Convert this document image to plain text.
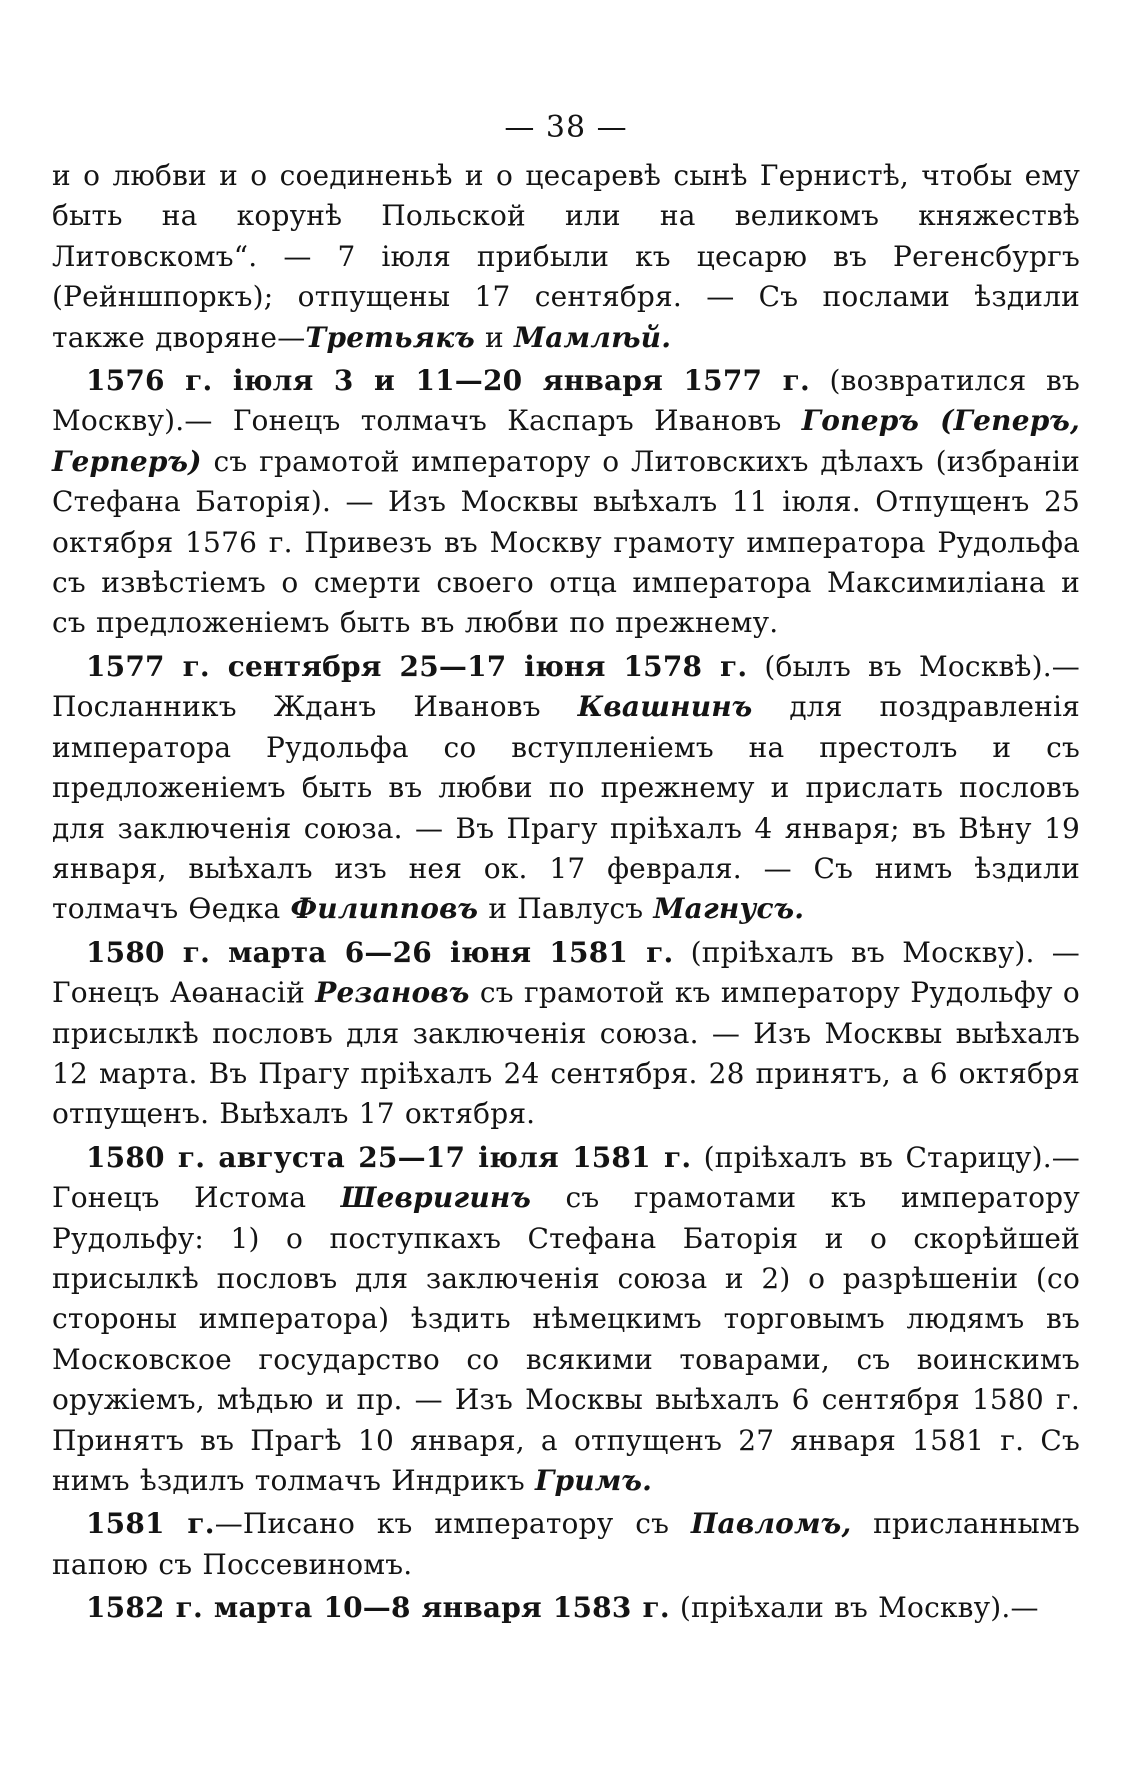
— 38 —

и о любви и о соединеньѣ и о цесаревѣ сынѣ Гернистѣ, чтобы ему быть на корунѣ Польской или на великомъ княжествѣ Литовскомъ“. — 7 іюля прибыли къ цесарю въ Регенсбургъ (Рейншпоркъ); отпущены 17 сентября. — Съ послами ѣздили также дворяне—Третьякъ и Мамлѣй.

1576 г. іюля 3 и 11—20 января 1577 г. (возвратился въ Москву).— Гонецъ толмачъ Каспаръ Ивановъ Гоперъ (Геперъ, Герперъ) съ грамотой императору о Литовскихъ дѣлахъ (избраніи Стефана Баторія). — Изъ Москвы выѣхалъ 11 іюля. Отпущенъ 25 октября 1576 г. Привезъ въ Москву грамоту императора Рудольфа съ извѣстіемъ о смерти своего отца императора Максимиліана и съ предложеніемъ быть въ любви по прежнему.

1577 г. сентября 25—17 іюня 1578 г. (былъ въ Москвѣ).—Посланникъ Жданъ Ивановъ Квашнинъ для поздравленія императора Рудольфа со вступленіемъ на престолъ и съ предложеніемъ быть въ любви по прежнему и прислать пословъ для заключенія союза. — Въ Прагу пріѣхалъ 4 января; въ Вѣну 19 января, выѣхалъ изъ нея ок. 17 февраля. — Съ нимъ ѣздили толмачъ Өедка Филипповъ и Павлусъ Магнусъ.

1580 г. марта 6—26 іюня 1581 г. (пріѣхалъ въ Москву). — Гонецъ Аөанасій Резановъ съ грамотой къ императору Рудольфу о присылкѣ пословъ для заключенія союза. — Изъ Москвы выѣхалъ 12 марта. Въ Прагу пріѣхалъ 24 сентября. 28 принятъ, а 6 октября отпущенъ. Выѣхалъ 17 октября.

1580 г. августа 25—17 іюля 1581 г. (пріѣхалъ въ Старицу).— Гонецъ Истома Шевригинъ съ грамотами къ императору Рудольфу: 1) о поступкахъ Стефана Баторія и о скорѣйшей присылкѣ пословъ для заключенія союза и 2) о разрѣшеніи (со стороны императора) ѣздить нѣмецкимъ торговымъ людямъ въ Московское государство со всякими товарами, съ воинскимъ оружіемъ, мѣдью и пр. — Изъ Москвы выѣхалъ 6 сентября 1580 г. Принятъ въ Прагѣ 10 января, а отпущенъ 27 января 1581 г. Съ нимъ ѣздилъ толмачъ Индрикъ Гримъ.

1581 г.—Писано къ императору съ Павломъ, присланнымъ папою съ Поссевиномъ.

1582 г. марта 10—8 января 1583 г. (пріѣхали въ Москву).—
